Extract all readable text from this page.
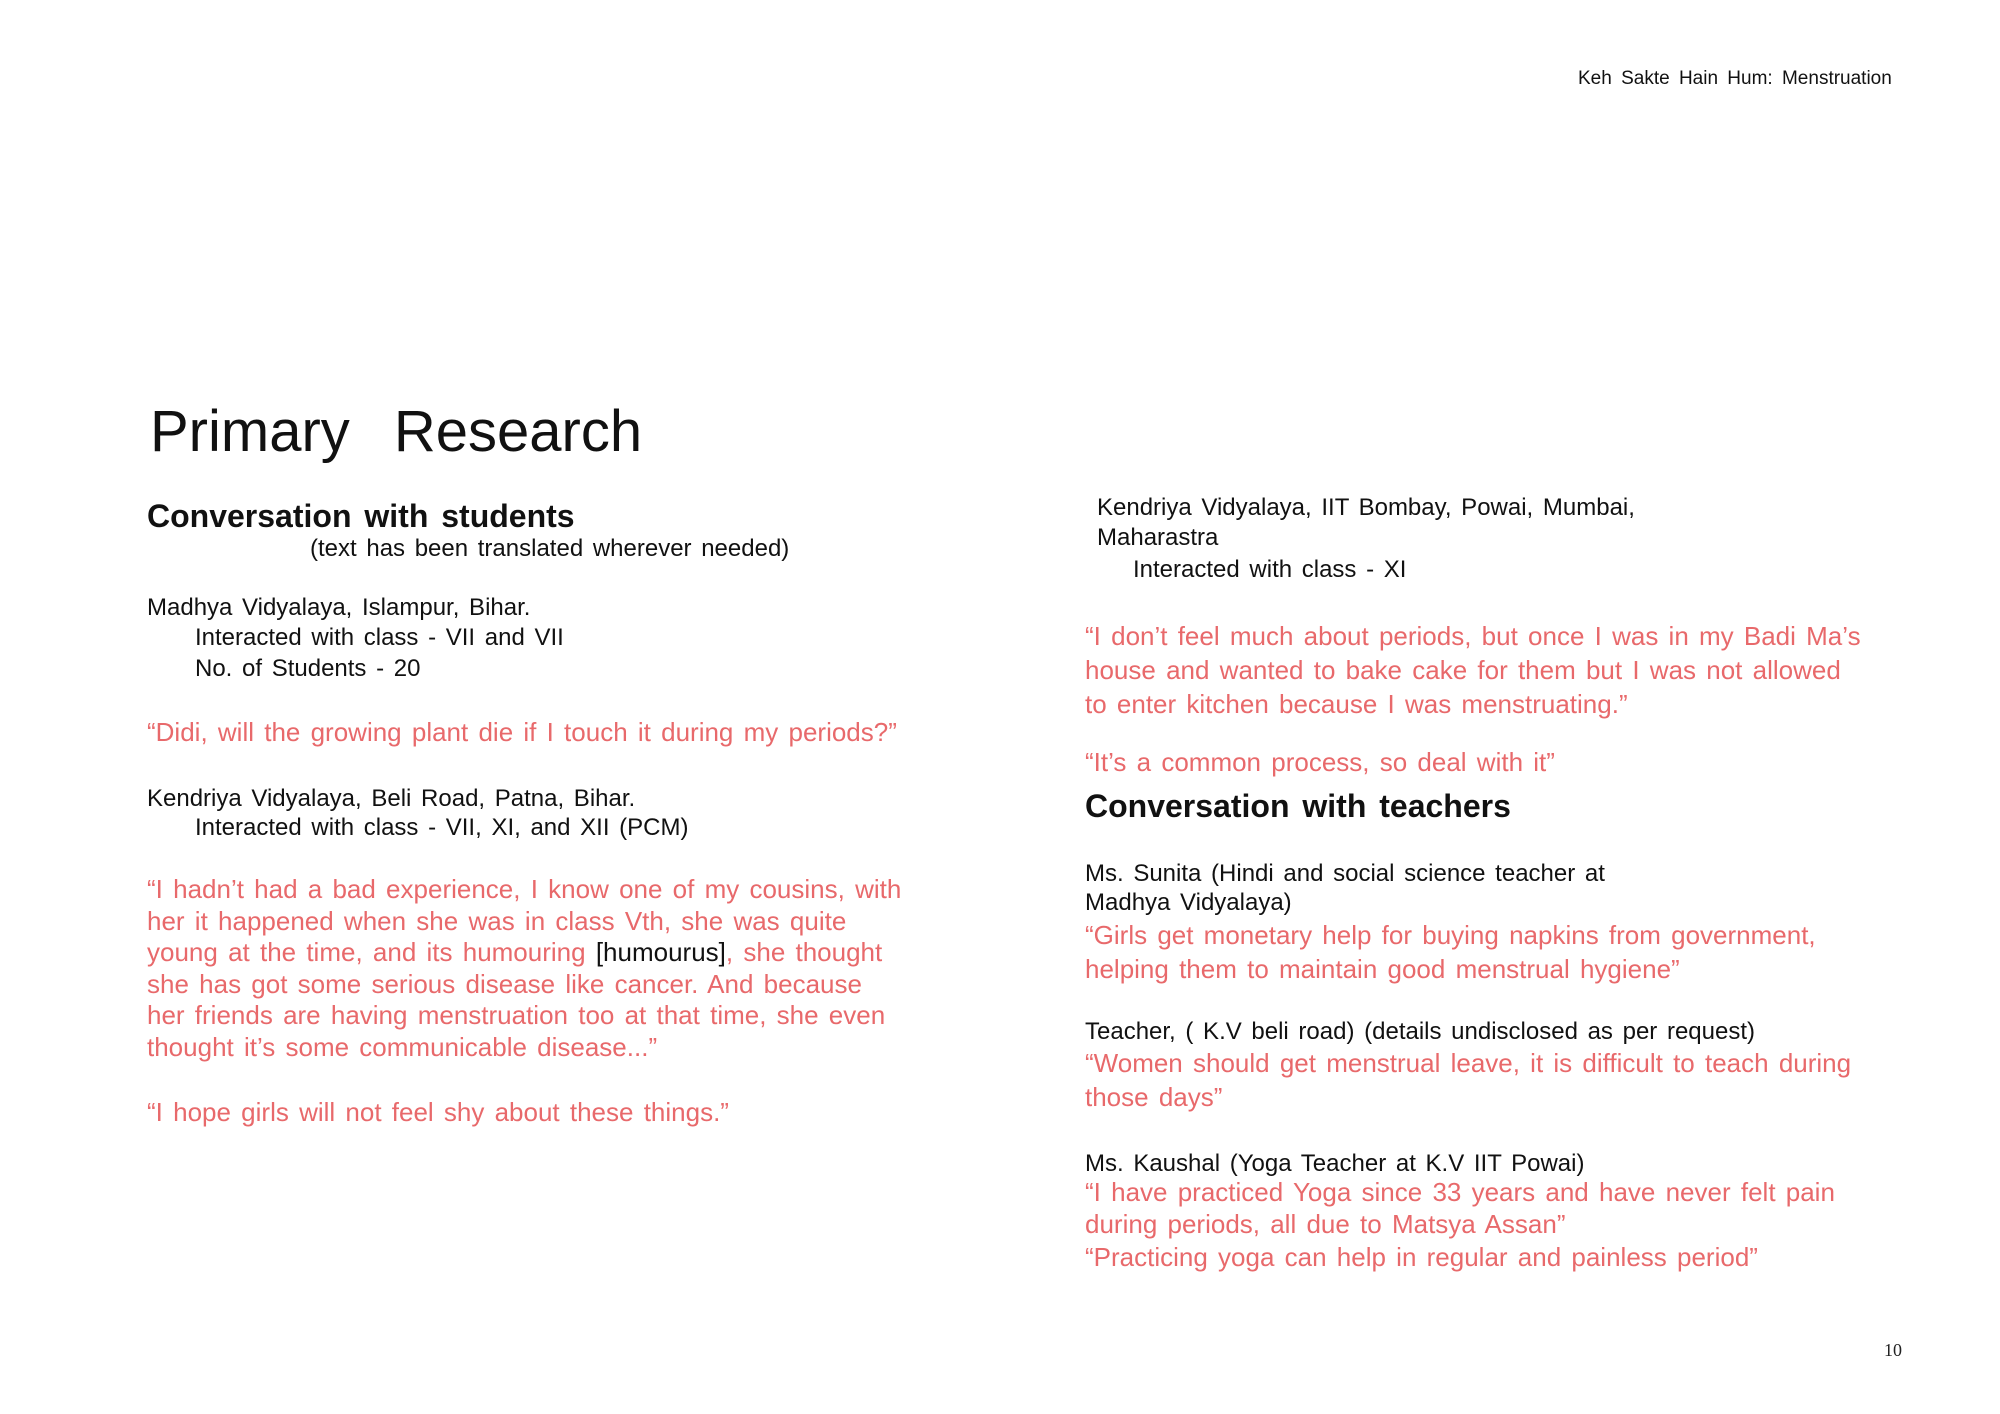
Keh Sakte Hain Hum: Menstruation
10
Primary Research
Conversation with students
(text has been translated wherever needed)
Madhya Vidyalaya, Islampur, Bihar.
Interacted with class - VII and VII
No. of Students - 20
“Didi, will the growing plant die if I touch it during my periods?”
Kendriya Vidyalaya, Beli Road, Patna, Bihar.
Interacted with class - VII, XI, and XII (PCM)
“I hadn’t had a bad experience, I know one of my cousins, with
her it happened when she was in class Vth, she was quite
young at the time, and its humouring [humourus], she thought
she has got some serious disease like cancer. And because
her friends are having menstruation too at that time, she even
thought it’s some communicable disease...”
“I hope girls will not feel shy about these things.”
Kendriya Vidyalaya, IIT Bombay, Powai, Mumbai,
Maharastra
Interacted with class - XI
“I don’t feel much about periods, but once I was in my Badi Ma’s
house and wanted to bake cake for them but I was not allowed
to enter kitchen because I was menstruating.”
“It’s a common process, so deal with it”
Conversation with teachers
Ms. Sunita (Hindi and social science teacher at
Madhya Vidyalaya)
“Girls get monetary help for buying napkins from government,
helping them to maintain good menstrual hygiene”
Teacher, ( K.V beli road) (details undisclosed as per request)
“Women should get menstrual leave, it is difficult to teach during
those days”
Ms. Kaushal (Yoga Teacher at K.V IIT Powai)
“I have practiced Yoga since 33 years and have never felt pain
during periods, all due to Matsya Assan”
“Practicing yoga can help in regular and painless period”
